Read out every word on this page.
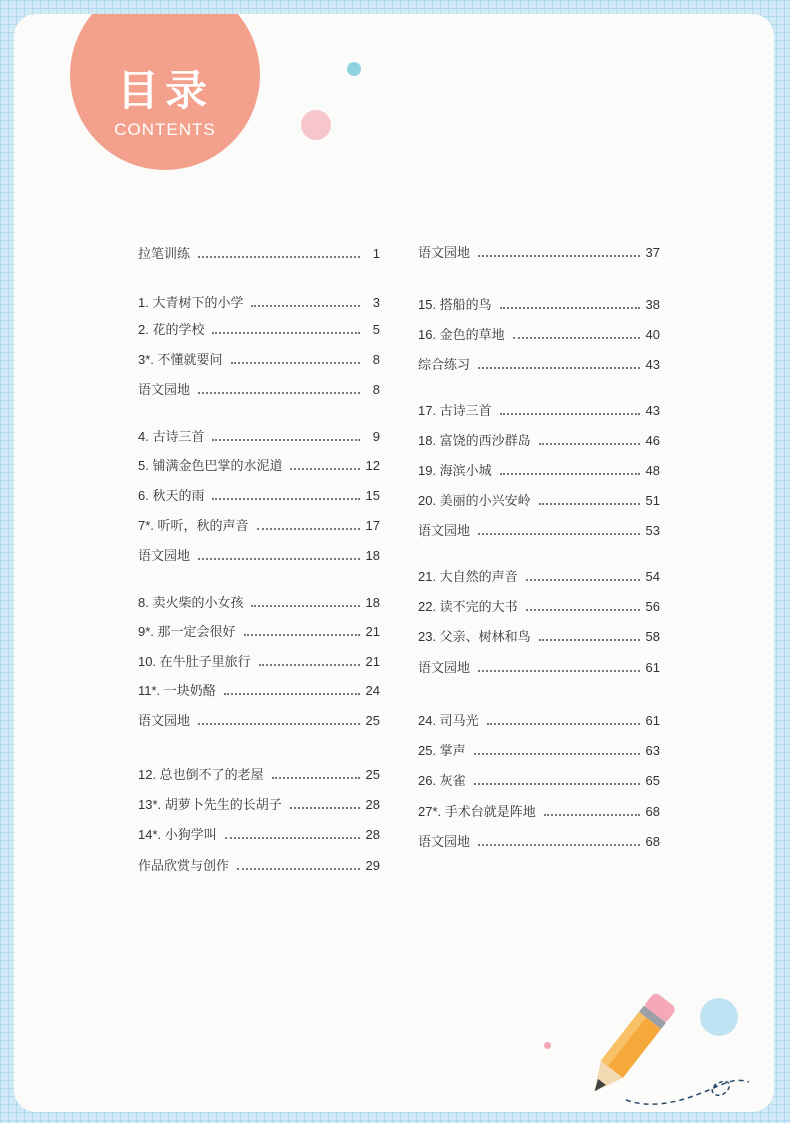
目录
CONTENTS
拉笔训练	1
1. 大青树下的小学	3
2. 花的学校	5
3*. 不懂就要问	8
语文园地	8
4. 古诗三首	9
5. 铺满金色巴掌的水泥道	12
6. 秋天的雨	15
7*. 听听，秋的声音	17
语文园地	18
8. 卖火柴的小女孩	18
9*. 那一定会很好	21
10. 在牛肚子里旅行	21
11*. 一块奶酪	24
语文园地	25
12. 总也倒不了的老屋	25
13*. 胡萝卜先生的长胡子	28
14*. 小狗学叫	28
作品欣赏与创作	29
语文园地	37
15. 搭船的鸟	38
16. 金色的草地	40
综合练习	43
17. 古诗三首	43
18. 富饶的西沙群岛	46
19. 海滨小城	48
20. 美丽的小兴安岭	51
语文园地	53
21. 大自然的声音	54
22. 读不完的大书	56
23. 父亲、树林和鸟	58
语文园地	61
24. 司马光	61
25. 掌声	63
26. 灰雀	65
27*. 手术台就是阵地	68
语文园地	68
